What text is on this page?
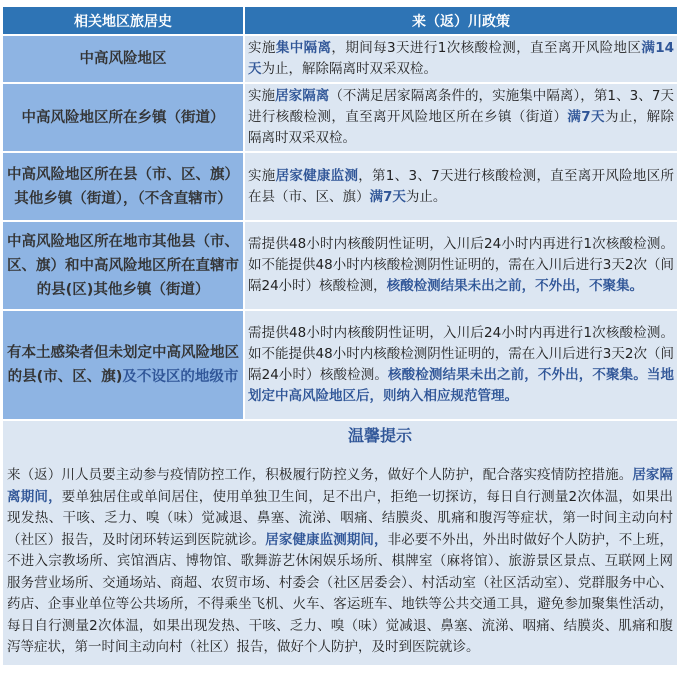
相关地区旅居史	来（返）川政策
中高风险地区	实施集中隔离，期间每3天进行1次核酸检测，直至离开风险地区满14天为止，解除隔离时双采双检。
中高风险地区所在乡镇（街道）	实施居家隔离（不满足居家隔离条件的，实施集中隔离），第1、3、7天进行核酸检测，直至离开风险地区所在乡镇（街道）满7天为止，解除隔离时双采双检。
中高风险地区所在县（市、区、旗）其他乡镇（街道），（不含直辖市）	实施居家健康监测，第1、3、7天进行核酸检测，直至离开风险地区所在县（市、区、旗）满7天为止。
中高风险地区所在地市其他县（市、区、旗）和中高风险地区所在直辖市的县(区)其他乡镇（街道）	需提供48小时内核酸阴性证明，入川后24小时内再进行1次核酸检测。如不能提供48小时内核酸检测阴性证明的，需在入川后进行3天2次（间隔24小时）核酸检测，核酸检测结果未出之前，不外出，不聚集。
有本土感染者但未划定中高风险地区的县(市、区、旗)及不设区的地级市	需提供48小时内核酸阴性证明，入川后24小时内再进行1次核酸检测。如不能提供48小时内核酸检测阴性证明的，需在入川后进行3天2次（间隔24小时）核酸检测。核酸检测结果未出之前，不外出，不聚集。当地划定中高风险地区后，则纳入相应规范管理。
温馨提示
来（返）川人员要主动参与疫情防控工作，积极履行防控义务，做好个人防护，配合落实疫情防控措施。居家隔离期间，要单独居住或单间居住，使用单独卫生间，足不出户，拒绝一切探访，每日自行测量2次体温，如果出现发热、干咳、乏力、嗅（味）觉减退、鼻塞、流涕、咽痛、结膜炎、肌痛和腹泻等症状，第一时间主动向村（社区）报告，及时闭环转运到医院就诊。居家健康监测期间，非必要不外出，外出时做好个人防护，不上班，不进入宗教场所、宾馆酒店、博物馆、歌舞游艺休闲娱乐场所、棋牌室（麻将馆）、旅游景区景点、互联网上网服务营业场所、交通场站、商超、农贸市场、村委会（社区居委会）、村活动室（社区活动室）、党群服务中心、药店、企事业单位等公共场所，不得乘坐飞机、火车、客运班车、地铁等公共交通工具，避免参加聚集性活动，每日自行测量2次体温，如果出现发热、干咳、乏力、嗅（味）觉减退、鼻塞、流涕、咽痛、结膜炎、肌痛和腹泻等症状，第一时间主动向村（社区）报告，做好个人防护，及时到医院就诊。
